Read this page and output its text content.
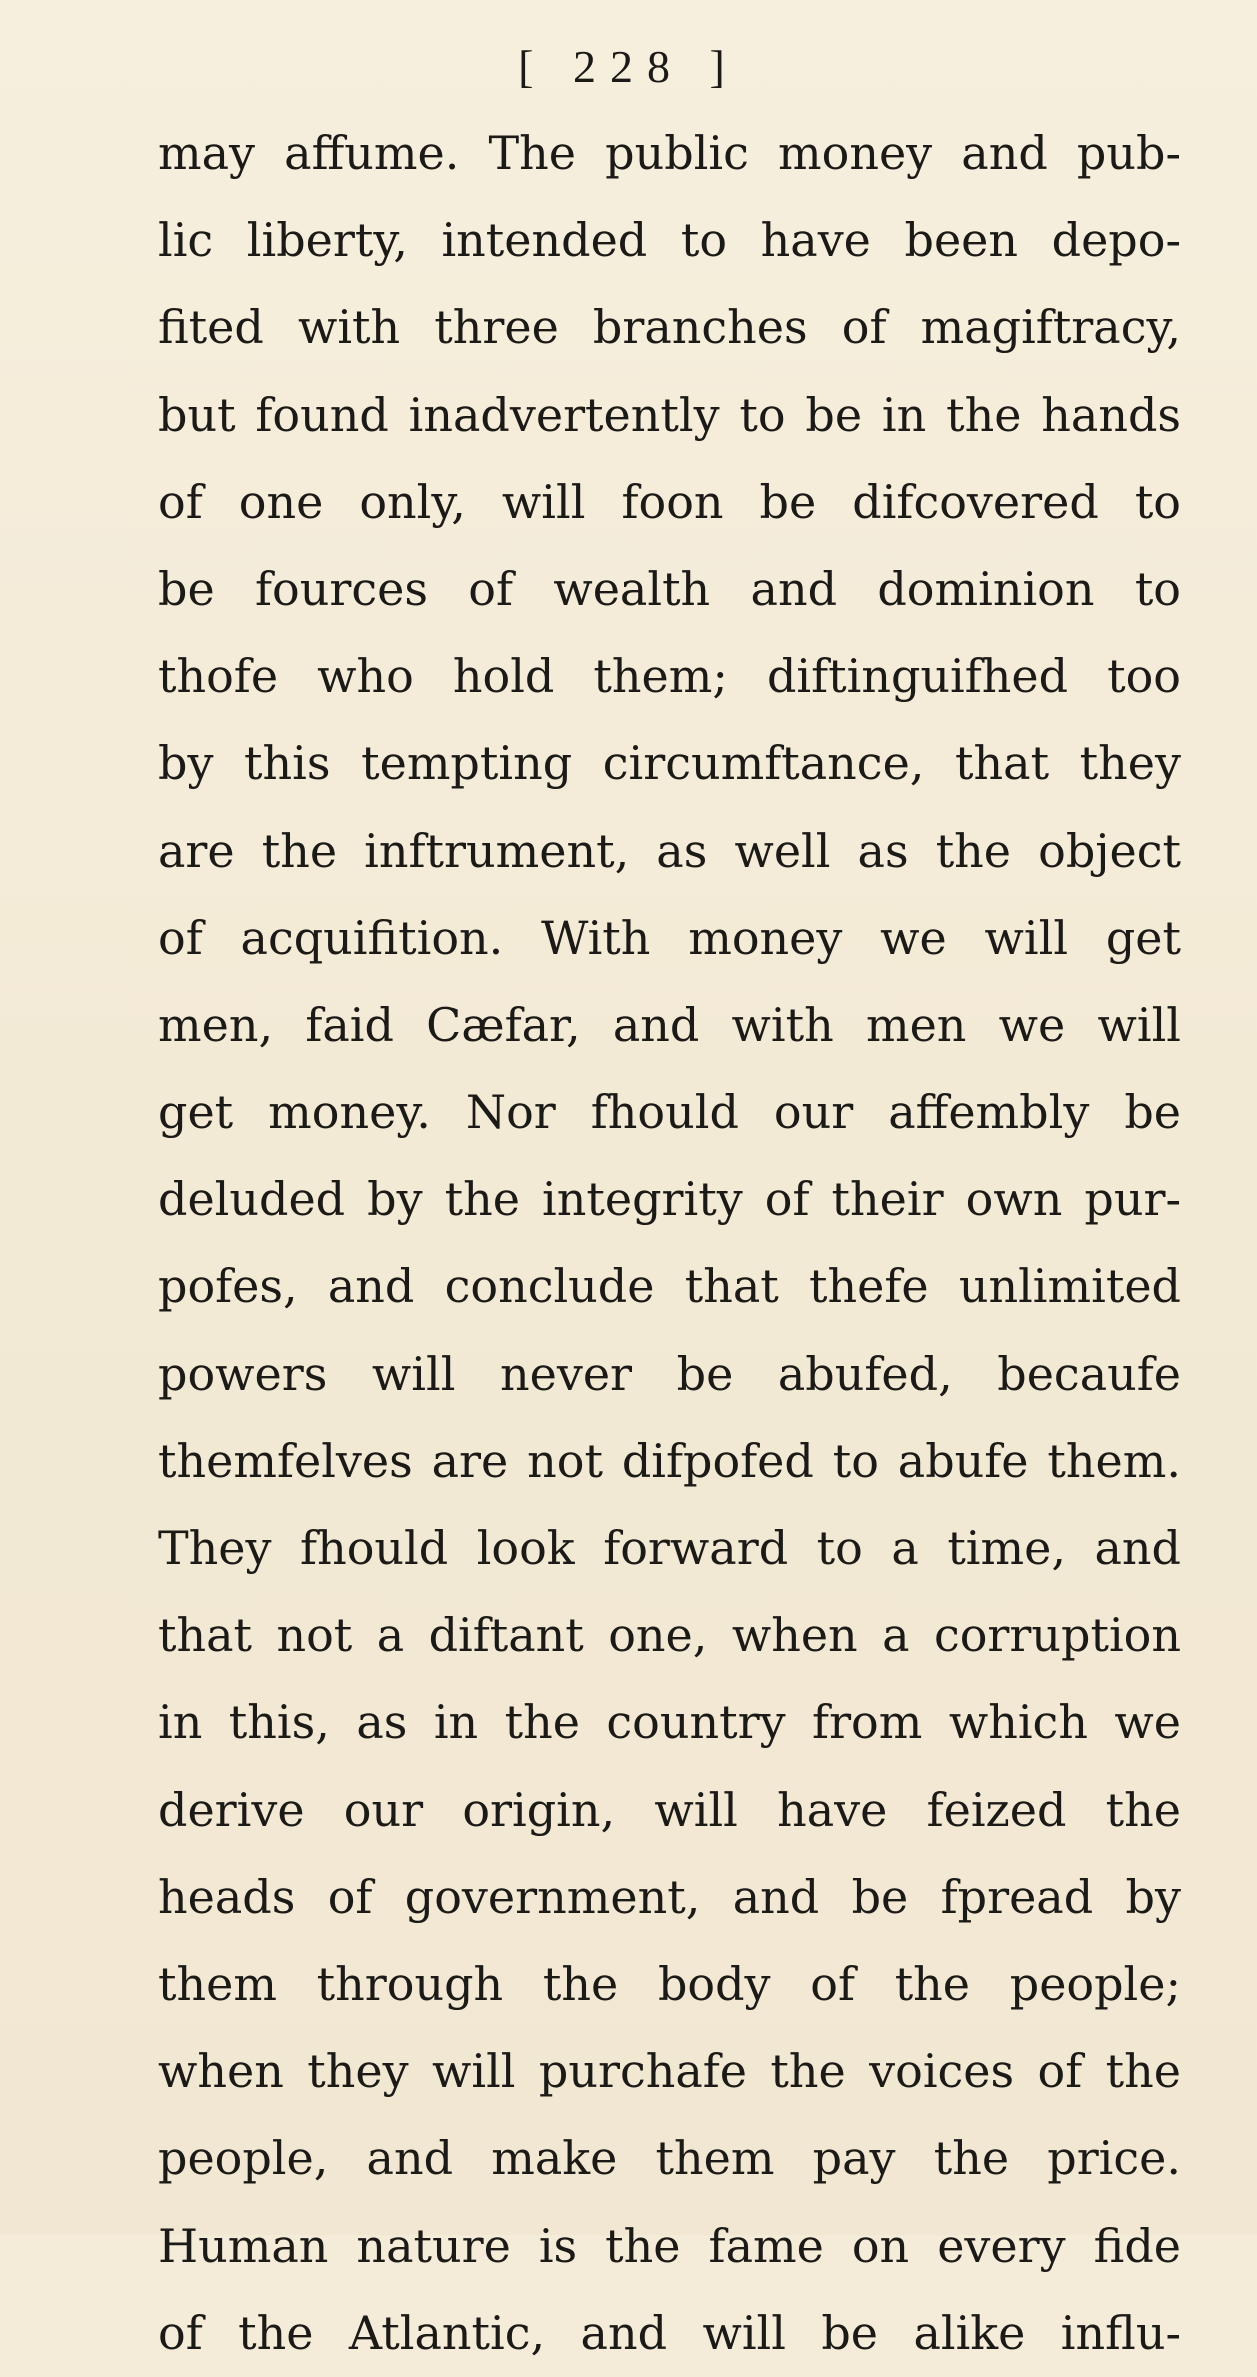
[ 228 ]
may affume. The public money and pub-
lic liberty, intended to have been depo-
fited with three branches of magiftracy,
but found inadvertently to be in the hands
of one only, will foon be difcovered to
be fources of wealth and dominion to
thofe who hold them; diftinguifhed too
by this tempting circumftance, that they
are the inftrument, as well as the object
of acquifition. With money we will get
men, faid Cæfar, and with men we will
get money. Nor fhould our affembly be
deluded by the integrity of their own pur-
pofes, and conclude that thefe unlimited
powers will never be abufed, becaufe
themfelves are not difpofed to abufe them.
They fhould look forward to a time, and
that not a diftant one, when a corruption
in this, as in the country from which we
derive our origin, will have feized the
heads of government, and be fpread by
them through the body of the people;
when they will purchafe the voices of the
people, and make them pay the price.
Human nature is the fame on every fide
of the Atlantic, and will be alike influ-
